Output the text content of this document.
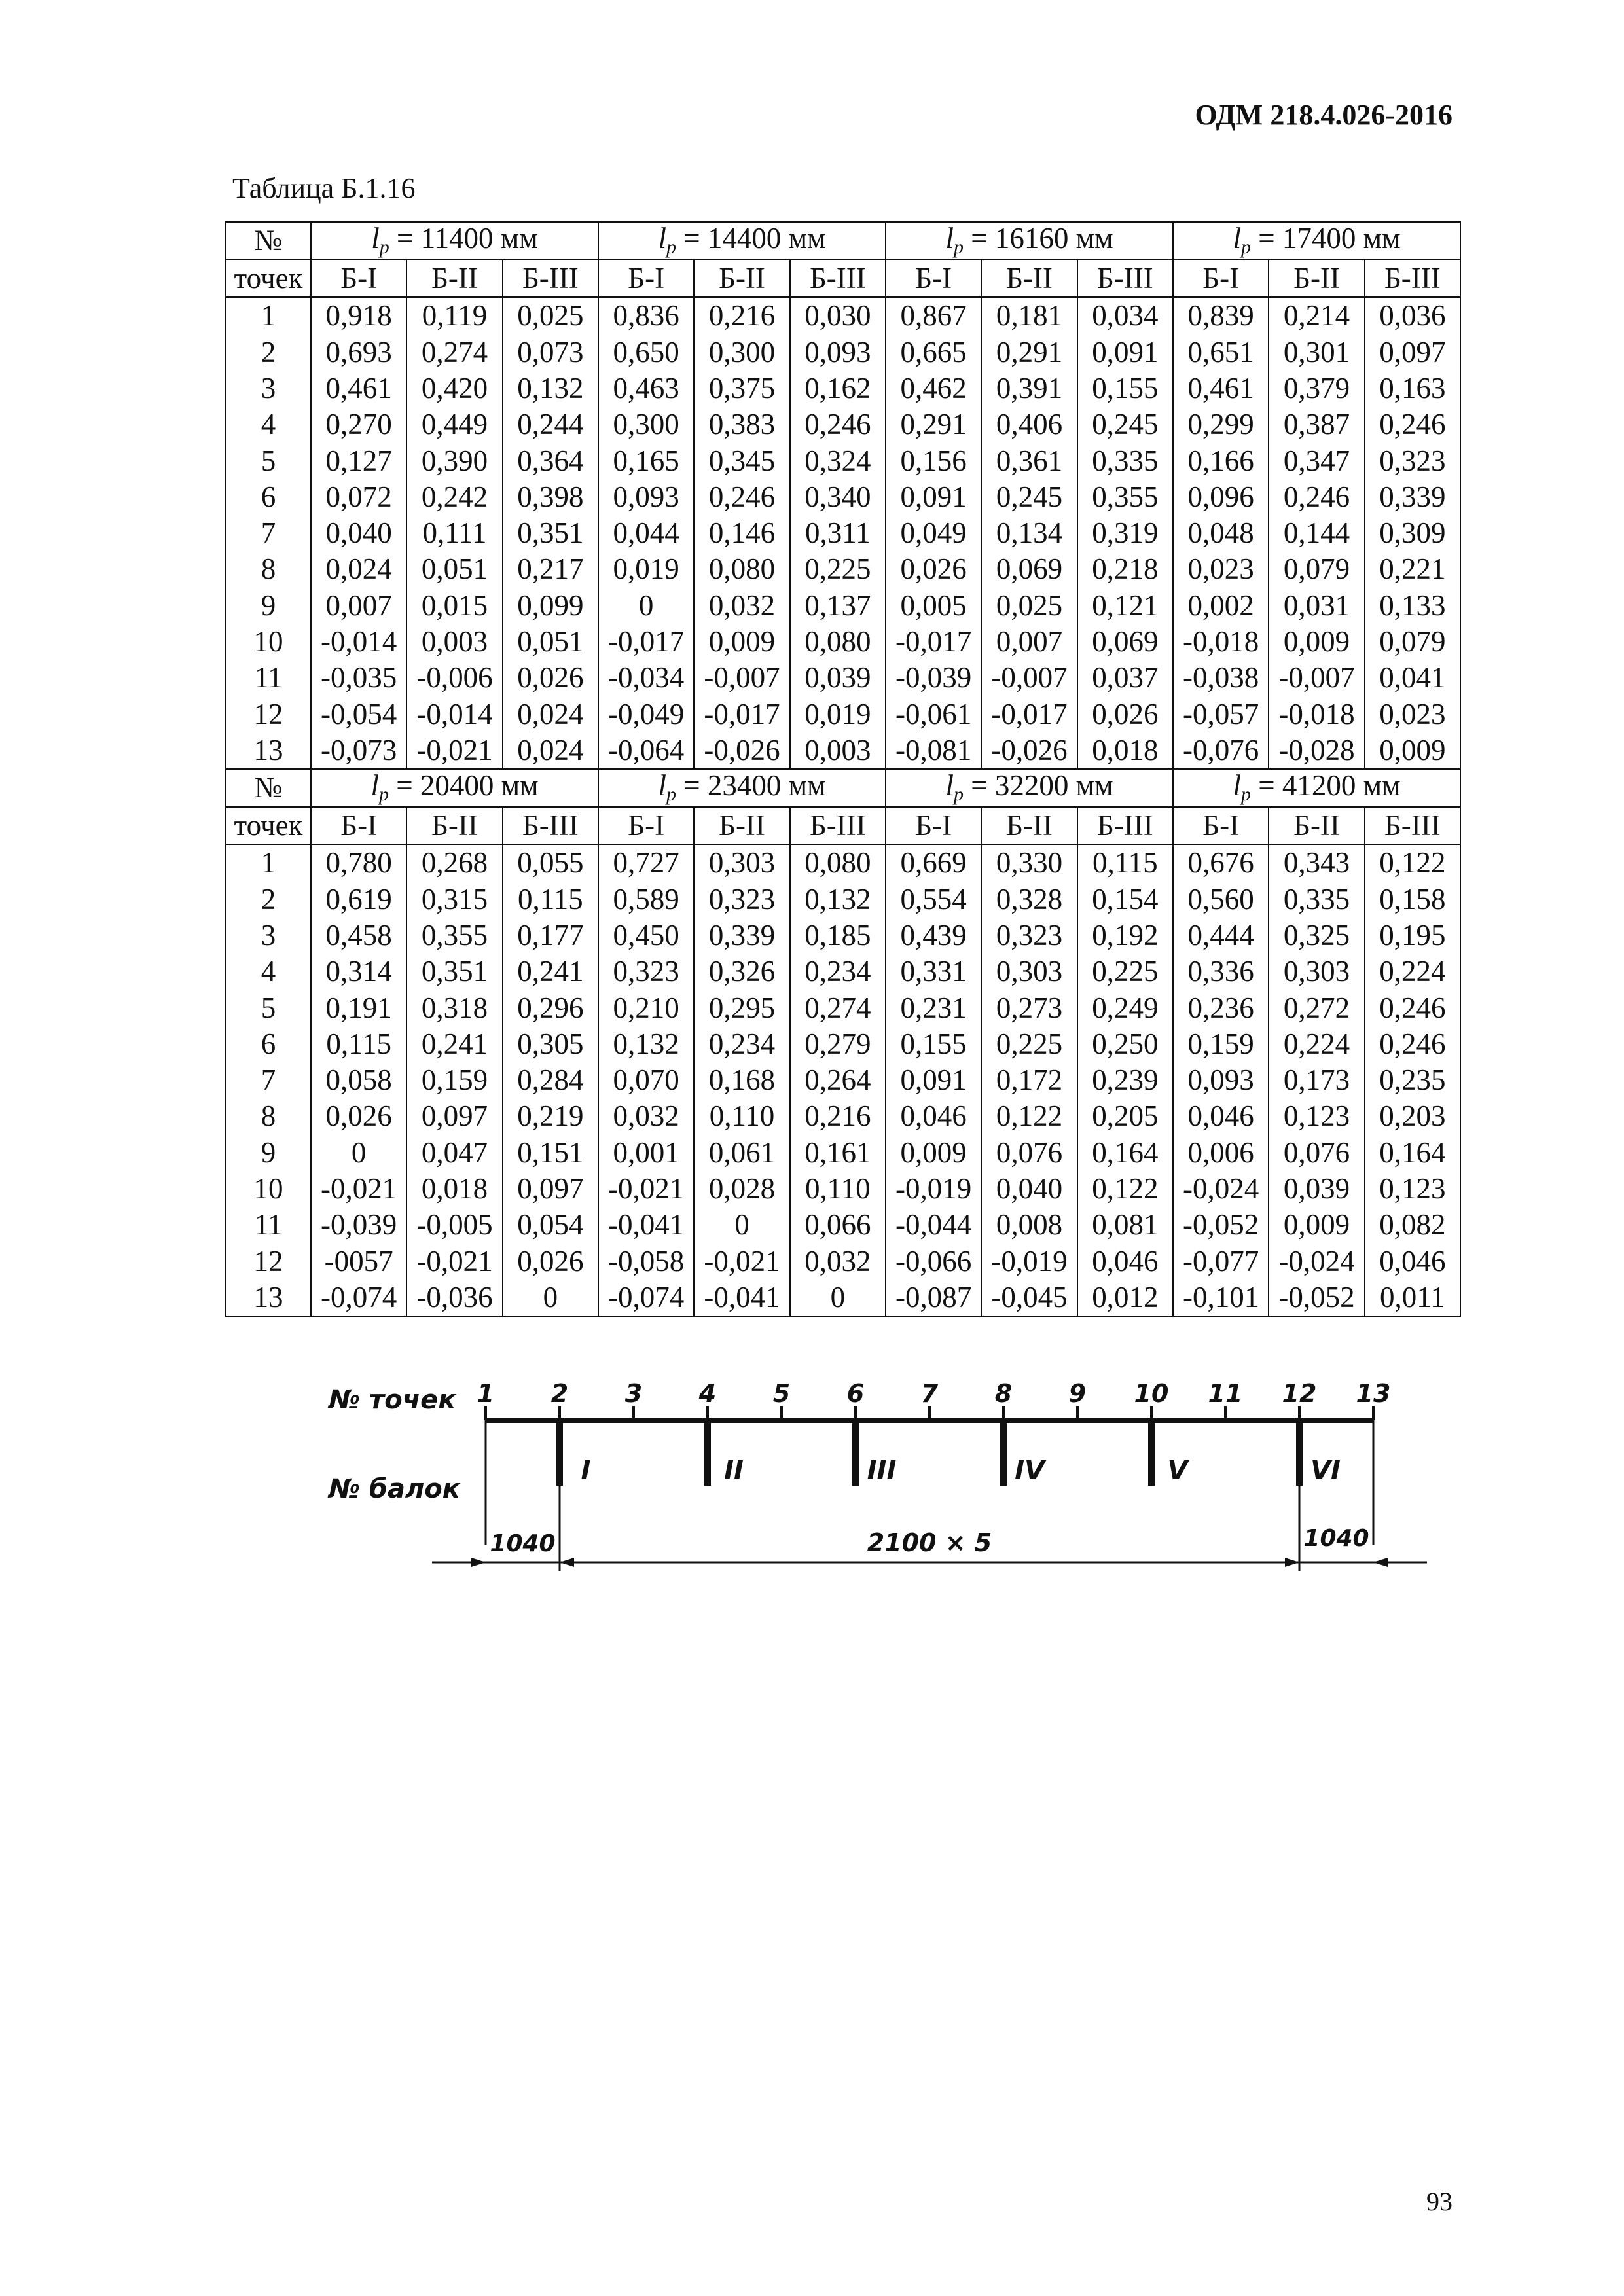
ОДМ 218.4.026-2016
Таблица Б.1.16
№	lp = 11400 мм			lp = 14400 мм			lp = 16160 мм			lp = 17400 мм		
точек	Б-I	Б-II	Б-III	Б-I	Б-II	Б-III	Б-I	Б-II	Б-III	Б-I	Б-II	Б-III
1	0,918	0,119	0,025	0,836	0,216	0,030	0,867	0,181	0,034	0,839	0,214	0,036
2	0,693	0,274	0,073	0,650	0,300	0,093	0,665	0,291	0,091	0,651	0,301	0,097
3	0,461	0,420	0,132	0,463	0,375	0,162	0,462	0,391	0,155	0,461	0,379	0,163
4	0,270	0,449	0,244	0,300	0,383	0,246	0,291	0,406	0,245	0,299	0,387	0,246
5	0,127	0,390	0,364	0,165	0,345	0,324	0,156	0,361	0,335	0,166	0,347	0,323
6	0,072	0,242	0,398	0,093	0,246	0,340	0,091	0,245	0,355	0,096	0,246	0,339
7	0,040	0,111	0,351	0,044	0,146	0,311	0,049	0,134	0,319	0,048	0,144	0,309
8	0,024	0,051	0,217	0,019	0,080	0,225	0,026	0,069	0,218	0,023	0,079	0,221
9	0,007	0,015	0,099	0	0,032	0,137	0,005	0,025	0,121	0,002	0,031	0,133
10	-0,014	0,003	0,051	-0,017	0,009	0,080	-0,017	0,007	0,069	-0,018	0,009	0,079
11	-0,035	-0,006	0,026	-0,034	-0,007	0,039	-0,039	-0,007	0,037	-0,038	-0,007	0,041
12	-0,054	-0,014	0,024	-0,049	-0,017	0,019	-0,061	-0,017	0,026	-0,057	-0,018	0,023
13	-0,073	-0,021	0,024	-0,064	-0,026	0,003	-0,081	-0,026	0,018	-0,076	-0,028	0,009
№	lp = 20400 мм			lp = 23400 мм			lp = 32200 мм			lp = 41200 мм		
точек	Б-I	Б-II	Б-III	Б-I	Б-II	Б-III	Б-I	Б-II	Б-III	Б-I	Б-II	Б-III
1	0,780	0,268	0,055	0,727	0,303	0,080	0,669	0,330	0,115	0,676	0,343	0,122
2	0,619	0,315	0,115	0,589	0,323	0,132	0,554	0,328	0,154	0,560	0,335	0,158
3	0,458	0,355	0,177	0,450	0,339	0,185	0,439	0,323	0,192	0,444	0,325	0,195
4	0,314	0,351	0,241	0,323	0,326	0,234	0,331	0,303	0,225	0,336	0,303	0,224
5	0,191	0,318	0,296	0,210	0,295	0,274	0,231	0,273	0,249	0,236	0,272	0,246
6	0,115	0,241	0,305	0,132	0,234	0,279	0,155	0,225	0,250	0,159	0,224	0,246
7	0,058	0,159	0,284	0,070	0,168	0,264	0,091	0,172	0,239	0,093	0,173	0,235
8	0,026	0,097	0,219	0,032	0,110	0,216	0,046	0,122	0,205	0,046	0,123	0,203
9	0	0,047	0,151	0,001	0,061	0,161	0,009	0,076	0,164	0,006	0,076	0,164
10	-0,021	0,018	0,097	-0,021	0,028	0,110	-0,019	0,040	0,122	-0,024	0,039	0,123
11	-0,039	-0,005	0,054	-0,041	0	0,066	-0,044	0,008	0,081	-0,052	0,009	0,082
12	-0057	-0,021	0,026	-0,058	-0,021	0,032	-0,066	-0,019	0,046	-0,077	-0,024	0,046
13	-0,074	-0,036	0	-0,074	-0,041	0	-0,087	-0,045	0,012	-0,101	-0,052	0,011
1 2 3 4 5 6 7 8 9 10 11 12 13
I	II	III	IV	V	VI
1040	2100 × 5	1040
№ точек
№ балок
93
